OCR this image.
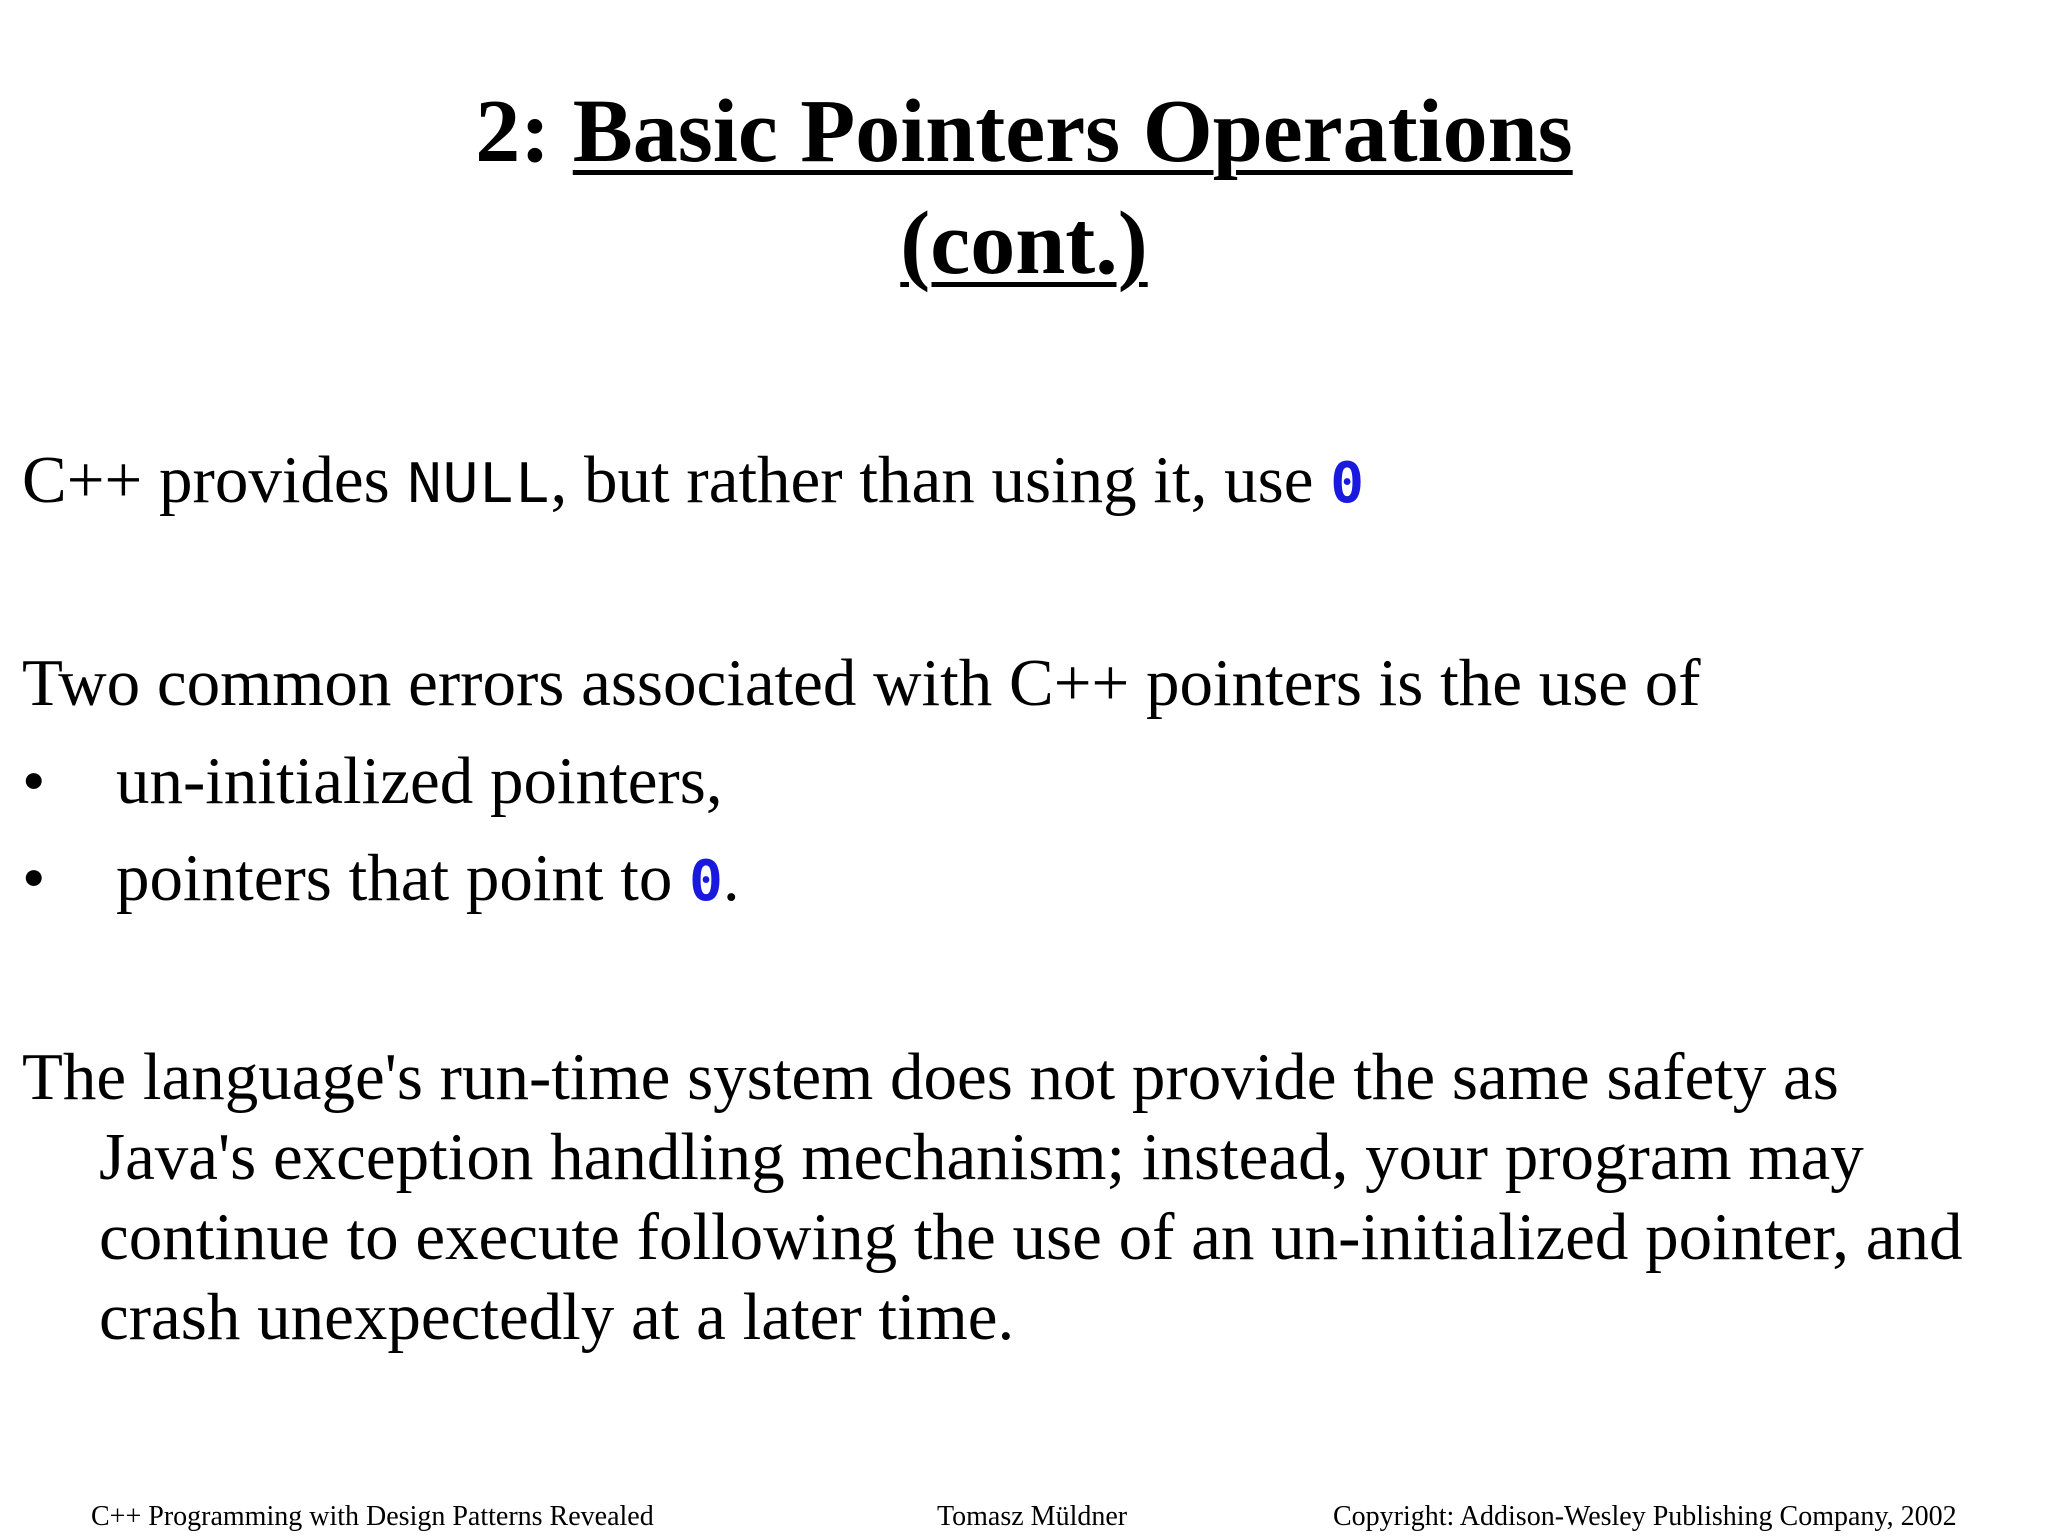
2: Basic Pointers Operations
(cont.)
C++ provides NULL, but rather than using it, use 0
Two common errors associated with C++ pointers is the use of
• un-initialized pointers,
• pointers that point to 0.
The language's run-time system does not provide the same safety as
Java's exception handling mechanism; instead, your program may
continue to execute following the use of an un-initialized pointer, and
crash unexpectedly at a later time.
C++ Programming with Design Patterns Revealed	Tomasz Müldner	Copyright: Addison-Wesley Publishing Company, 2002
